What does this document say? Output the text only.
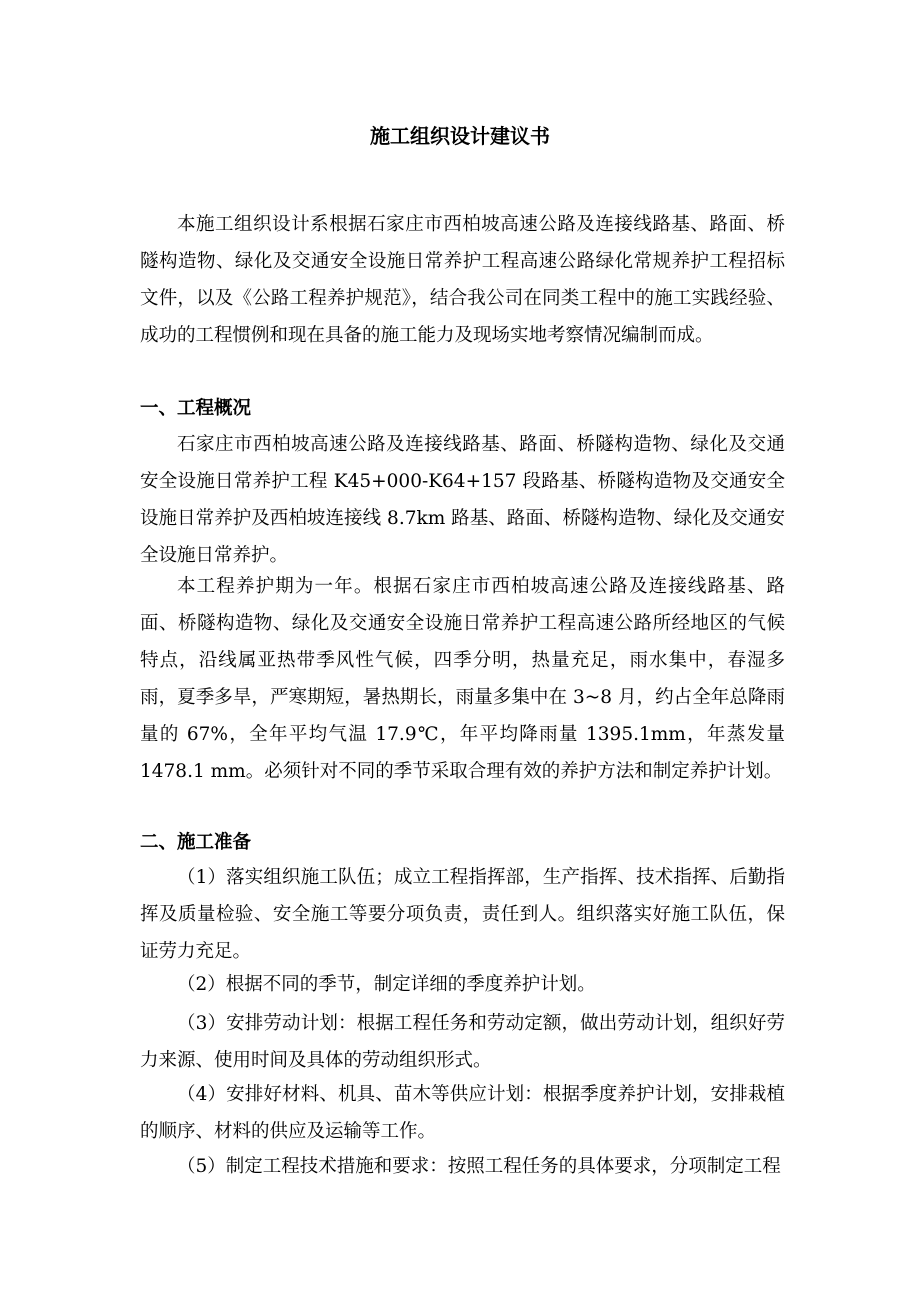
施工组织设计建议书

本施工组织设计系根据石家庄市西柏坡高速公路及连接线路基、路面、桥隧构造物、绿化及交通安全设施日常养护工程高速公路绿化常规养护工程招标文件，以及《公路工程养护规范》，结合我公司在同类工程中的施工实践经验、成功的工程惯例和现在具备的施工能力及现场实地考察情况编制而成。

一、工程概况

石家庄市西柏坡高速公路及连接线路基、路面、桥隧构造物、绿化及交通安全设施日常养护工程 K45+000-K64+157 段路基、桥隧构造物及交通安全设施日常养护及西柏坡连接线 8.7km 路基、路面、桥隧构造物、绿化及交通安全设施日常养护。

本工程养护期为一年。根据石家庄市西柏坡高速公路及连接线路基、路面、桥隧构造物、绿化及交通安全设施日常养护工程高速公路所经地区的气候特点，沿线属亚热带季风性气候，四季分明，热量充足，雨水集中，春湿多雨，夏季多旱，严寒期短，暑热期长，雨量多集中在 3~8 月，约占全年总降雨量的 67%，全年平均气温 17.9℃，年平均降雨量 1395.1mm，年蒸发量 1478.1 mm。必须针对不同的季节采取合理有效的养护方法和制定养护计划。

二、施工准备

（1）落实组织施工队伍；成立工程指挥部，生产指挥、技术指挥、后勤指挥及质量检验、安全施工等要分项负责，责任到人。组织落实好施工队伍，保证劳力充足。

（2）根据不同的季节，制定详细的季度养护计划。

（3）安排劳动计划：根据工程任务和劳动定额，做出劳动计划，组织好劳力来源、使用时间及具体的劳动组织形式。

（4）安排好材料、机具、苗木等供应计划：根据季度养护计划，安排栽植的顺序、材料的供应及运输等工作。

（5）制定工程技术措施和要求：按照工程任务的具体要求，分项制定工程
